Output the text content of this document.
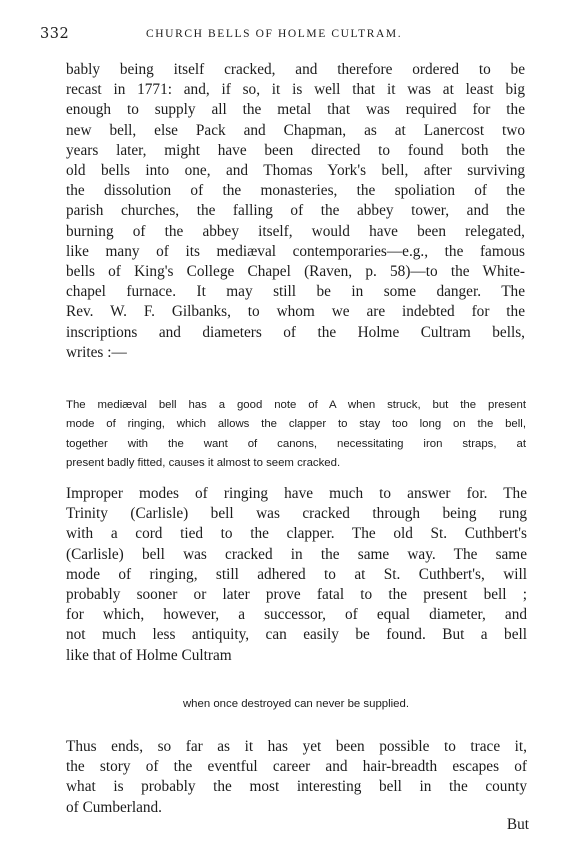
332	CHURCH BELLS OF HOLME CULTRAM.

bably being itself cracked, and therefore ordered to be
recast in 1771: and, if so, it is well that it was at least big
enough to supply all the metal that was required for the
new bell, else Pack and Chapman, as at Lanercost two
years later, might have been directed to found both the
old bells into one, and Thomas York's bell, after surviving
the dissolution of the monasteries, the spoliation of the
parish churches, the falling of the abbey tower, and the
burning of the abbey itself, would have been relegated,
like many of its mediæval contemporaries—e.g., the famous
bells of King's College Chapel (Raven, p. 58)—to the White-
chapel furnace. It may still be in some danger. The
Rev. W. F. Gilbanks, to whom we are indebted for the
inscriptions and diameters of the Holme Cultram bells,
writes :—

The mediæval bell has a good note of A when struck, but the present
mode of ringing, which allows the clapper to stay too long on the bell,
together with the want of canons, necessitating iron straps, at
present badly fitted, causes it almost to seem cracked.

Improper modes of ringing have much to answer for. The
Trinity (Carlisle) bell was cracked through being rung
with a cord tied to the clapper. The old St. Cuthbert's
(Carlisle) bell was cracked in the same way. The same
mode of ringing, still adhered to at St. Cuthbert's, will
probably sooner or later prove fatal to the present bell ;
for which, however, a successor, of equal diameter, and
not much less antiquity, can easily be found. But a bell
like that of Holme Cultram

when once destroyed can never be supplied.

Thus ends, so far as it has yet been possible to trace it,
the story of the eventful career and hair-breadth escapes of
what is probably the most interesting bell in the county
of Cumberland.

But
